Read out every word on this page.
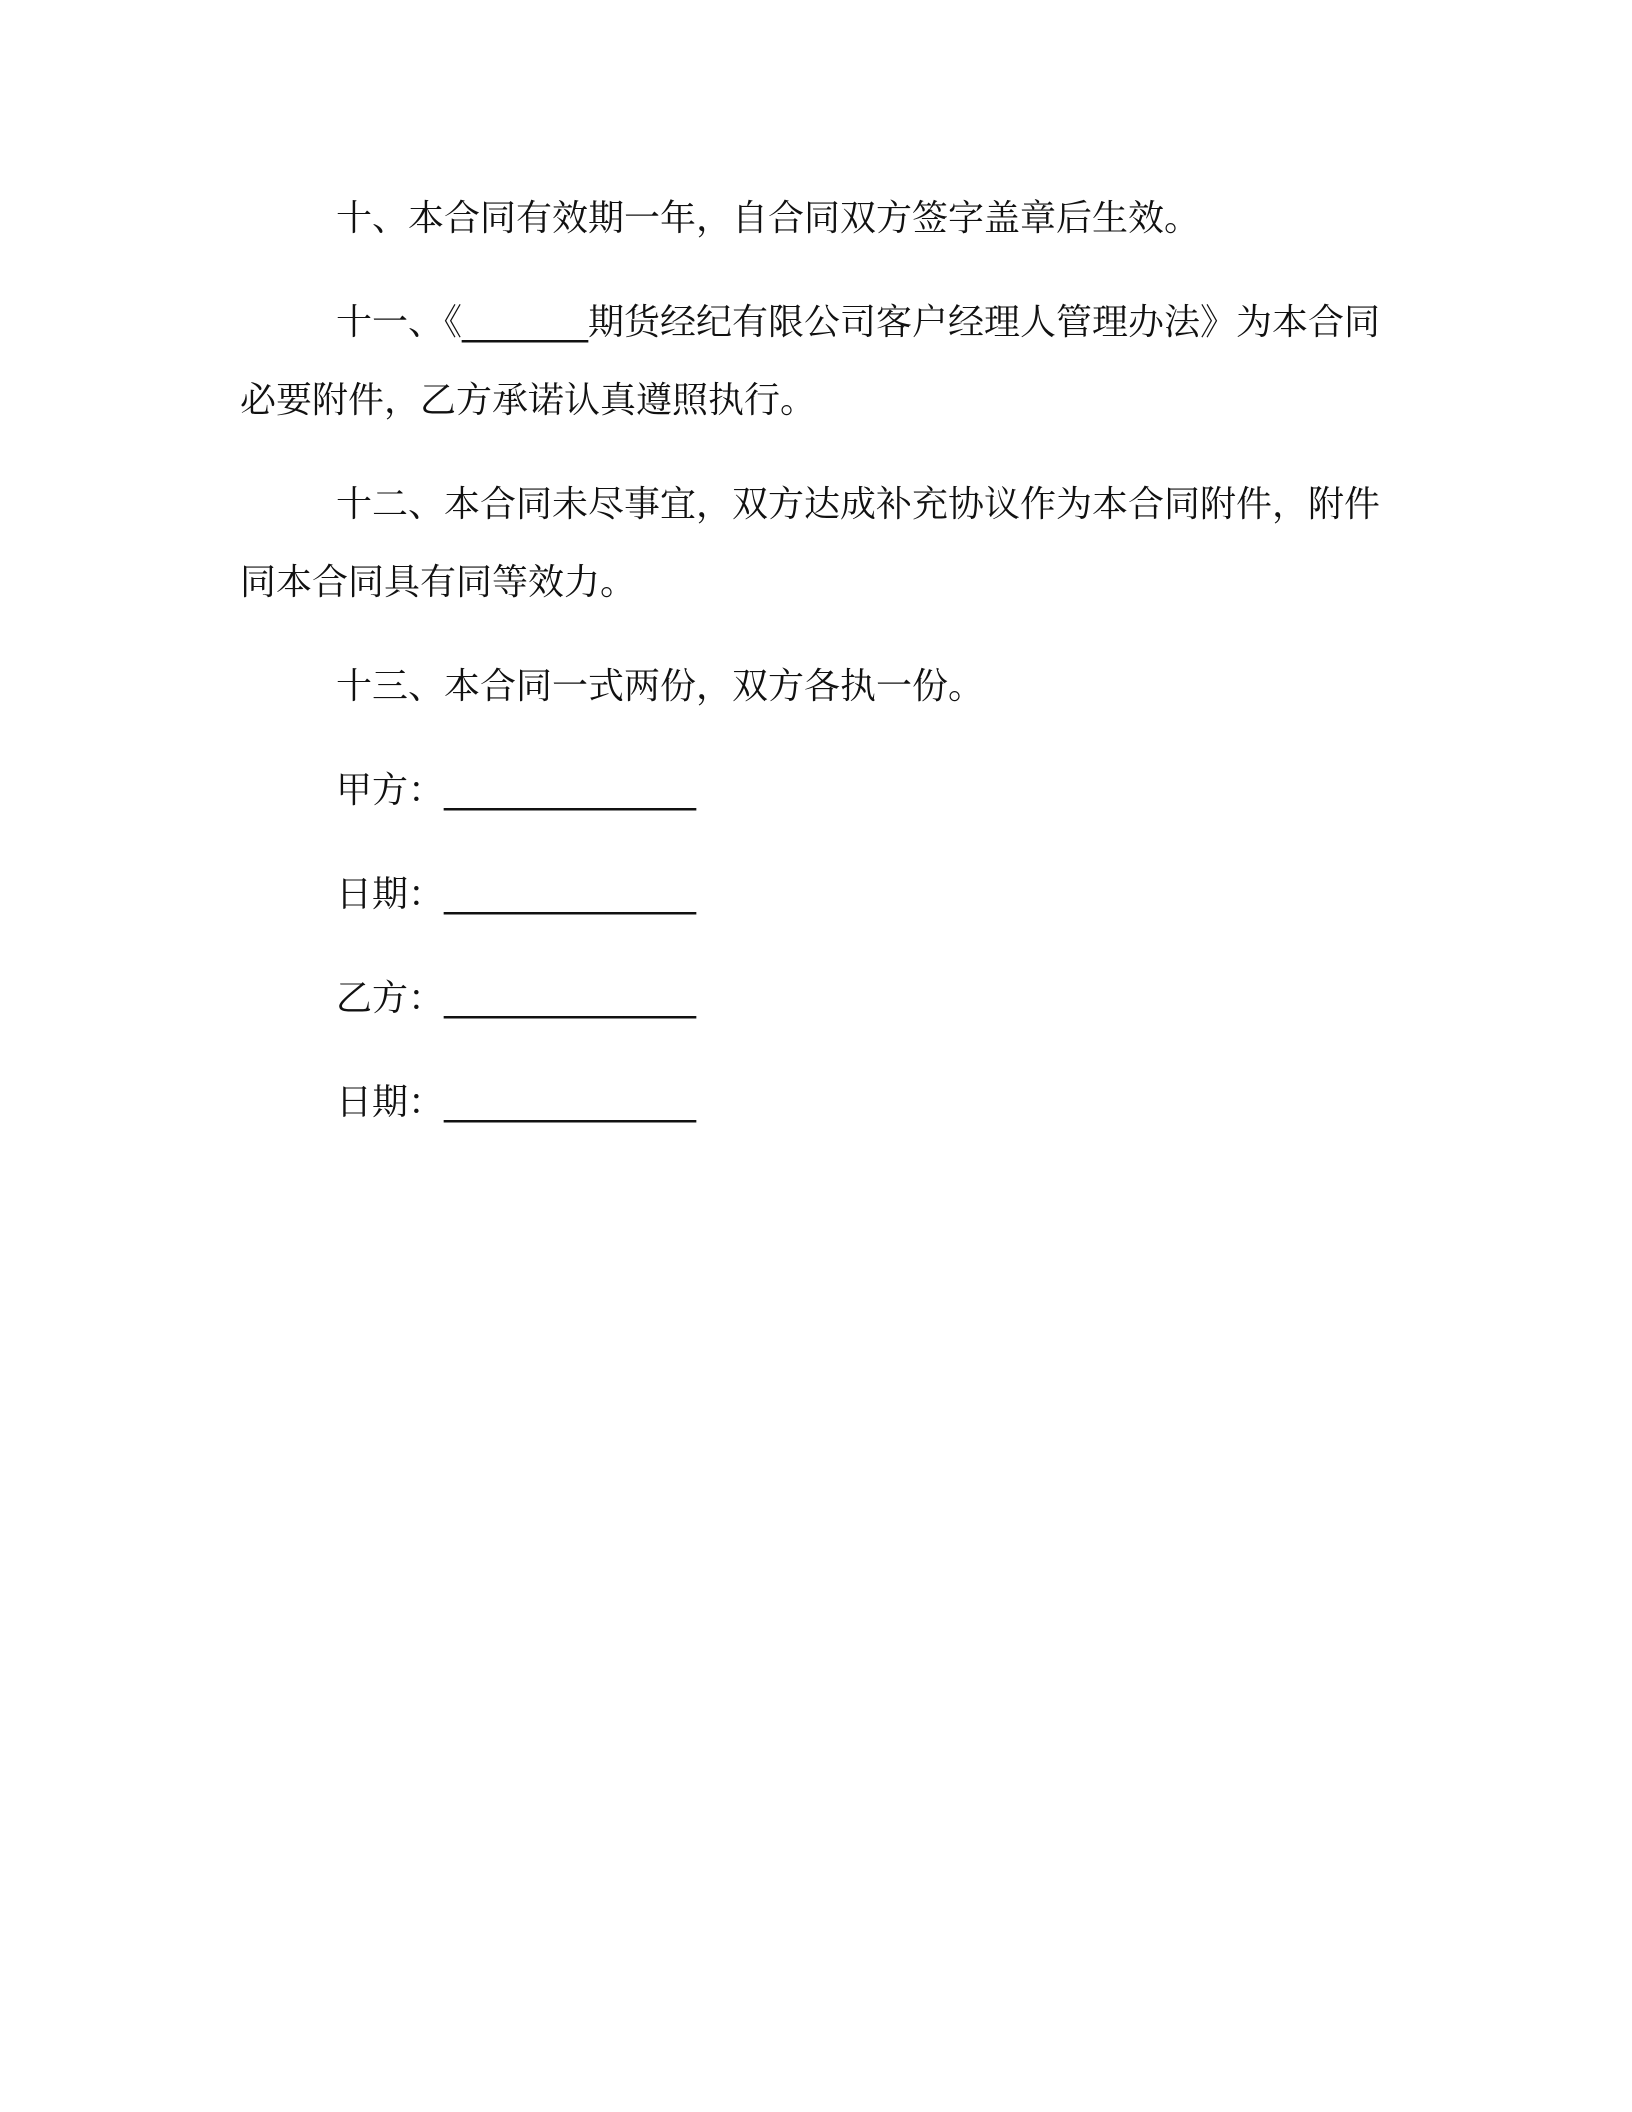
十、本合同有效期一年，自合同双方签字盖章后生效。

十一、《_______期货经纪有限公司客户经理人管理办法》为本合同必要附件，乙方承诺认真遵照执行。

十二、本合同未尽事宜，双方达成补充协议作为本合同附件，附件同本合同具有同等效力。

十三、本合同一式两份，双方各执一份。

甲方：______________
日期：______________
乙方：______________
日期：______________
